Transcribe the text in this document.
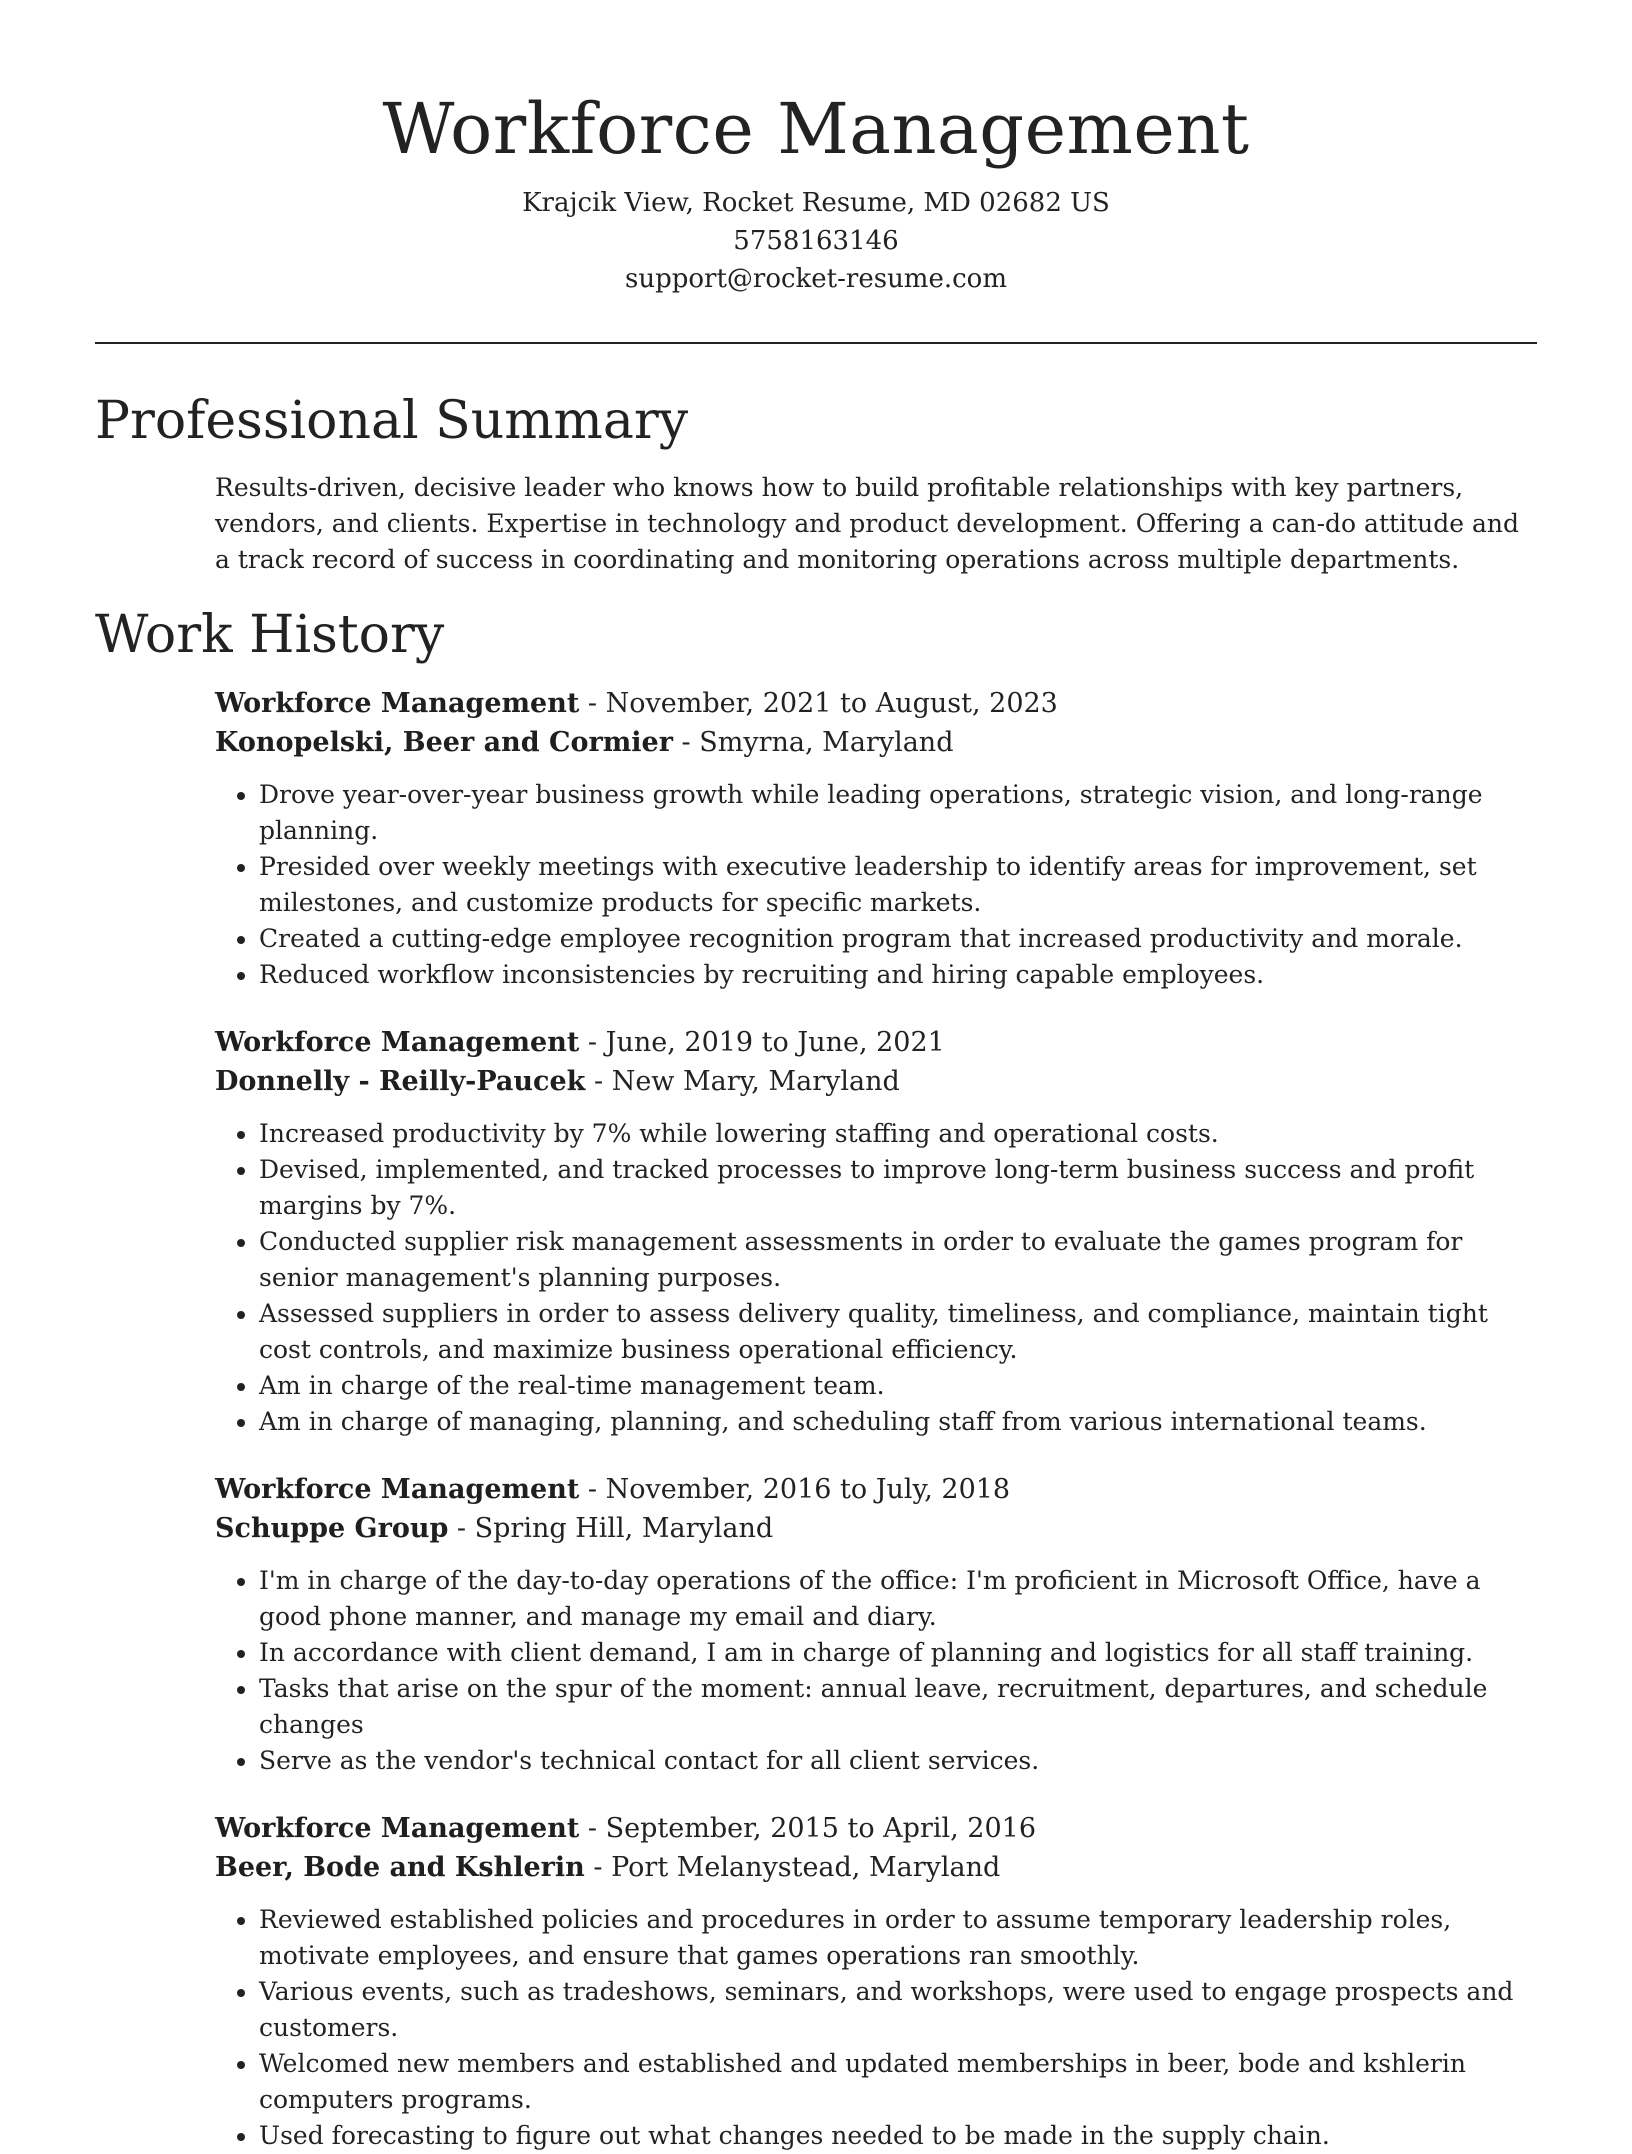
Workforce Management
Krajcik View, Rocket Resume, MD 02682 US
5758163146
support@rocket-resume.com
Professional Summary

Results-driven, decisive leader who knows how to build profitable relationships with key partners, vendors, and clients. Expertise in technology and product development. Offering a can-do attitude and a track record of success in coordinating and monitoring operations across multiple departments.

Work History
Workforce Management - November, 2021 to August, 2023
Konopelski, Beer and Cormier - Smyrna, Maryland
• Drove year-over-year business growth while leading operations, strategic vision, and long-range planning.
• Presided over weekly meetings with executive leadership to identify areas for improvement, set milestones, and customize products for specific markets.
• Created a cutting-edge employee recognition program that increased productivity and morale.
• Reduced workflow inconsistencies by recruiting and hiring capable employees.
Workforce Management - June, 2019 to June, 2021
Donnelly - Reilly-Paucek - New Mary, Maryland
• Increased productivity by 7% while lowering staffing and operational costs.
• Devised, implemented, and tracked processes to improve long-term business success and profit margins by 7%.
• Conducted supplier risk management assessments in order to evaluate the games program for senior management's planning purposes.
• Assessed suppliers in order to assess delivery quality, timeliness, and compliance, maintain tight cost controls, and maximize business operational efficiency.
• Am in charge of the real-time management team.
• Am in charge of managing, planning, and scheduling staff from various international teams.
Workforce Management - November, 2016 to July, 2018
Schuppe Group - Spring Hill, Maryland
• I'm in charge of the day-to-day operations of the office: I'm proficient in Microsoft Office, have a good phone manner, and manage my email and diary.
• In accordance with client demand, I am in charge of planning and logistics for all staff training.
• Tasks that arise on the spur of the moment: annual leave, recruitment, departures, and schedule changes
• Serve as the vendor's technical contact for all client services.
Workforce Management - September, 2015 to April, 2016
Beer, Bode and Kshlerin - Port Melanystead, Maryland
• Reviewed established policies and procedures in order to assume temporary leadership roles, motivate employees, and ensure that games operations ran smoothly.
• Various events, such as tradeshows, seminars, and workshops, were used to engage prospects and customers.
• Welcomed new members and established and updated memberships in beer, bode and kshlerin computers programs.
• Used forecasting to figure out what changes needed to be made in the supply chain.
